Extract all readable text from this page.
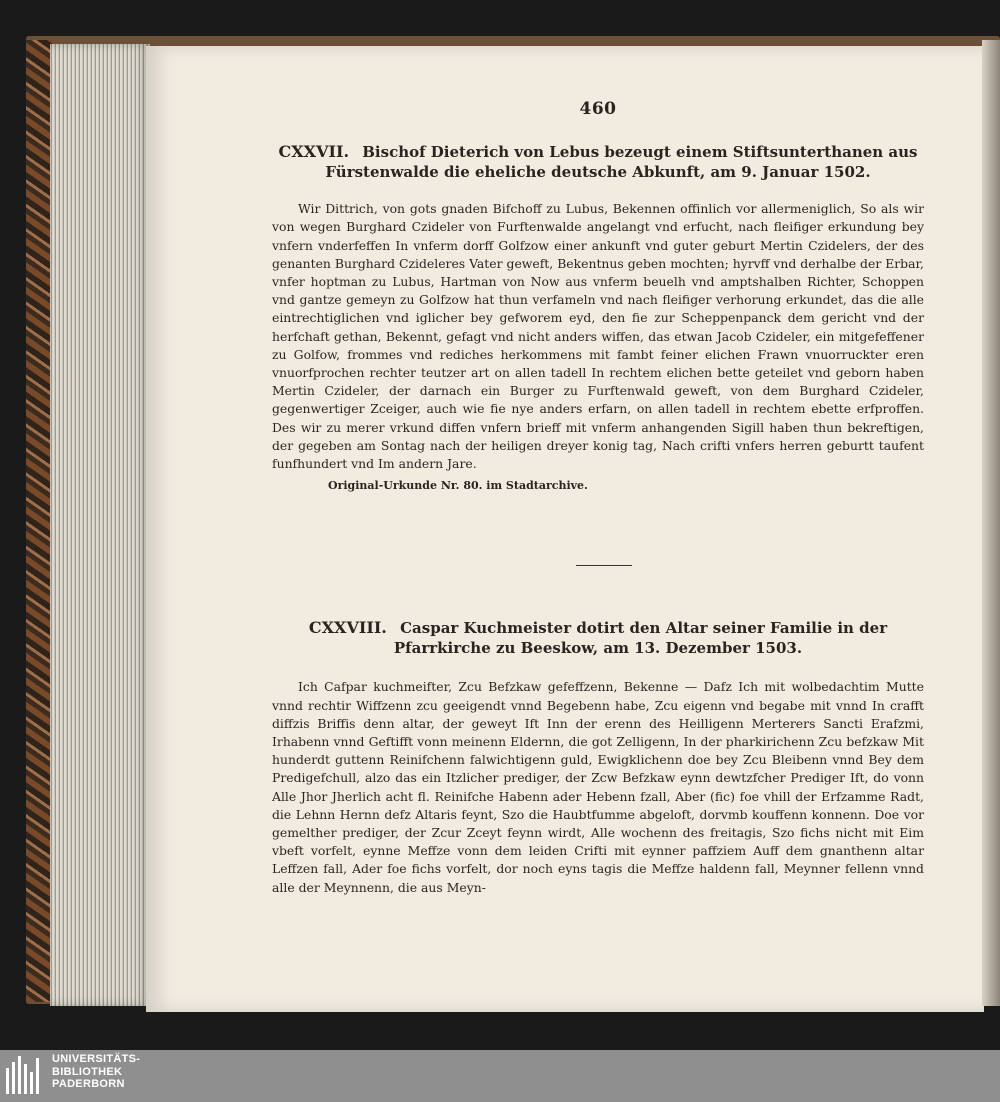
460
CXXVII. Bischof Dieterich von Lebus bezeugt einem Stiftsunterthanen aus Fürstenwalde die eheliche deutsche Abkunft, am 9. Januar 1502.

Wir Dittrich, von gots gnaden Bifchoff zu Lubus, Bekennen offinlich vor allermeniglich, So als wir von wegen Burghard Czideler von Furftenwalde angelangt vnd erfucht, nach fleifiger erkundung bey vnfern vnderfeffen In vnferm dorff Golfzow einer ankunft vnd guter geburt Mertin Czidelers, der des genanten Burghard Czideleres Vater geweft, Bekentnus geben mochten; hyrvff vnd derhalbe der Erbar, vnfer hoptman zu Lubus, Hartman von Now aus vnferm beuelh vnd amptshalben Richter, Schoppen vnd gantze gemeyn zu Golfzow hat thun verfameln vnd nach fleifiger verhorung erkundet, das die alle eintrechtiglichen vnd iglicher bey gefworem eyd, den fie zur Scheppenpanck dem gericht vnd der herfchaft gethan, Bekennt, gefagt vnd nicht anders wiffen, das etwan Jacob Czideler, ein mitgefeffener zu Golfow, frommes vnd rediches herkommens mit fambt feiner elichen Frawn vnuorruckter eren vnuorfprochen rechter teutzer art on allen tadell In rechtem elichen bette geteilet vnd geborn haben Mertin Czideler, der darnach ein Burger zu Furftenwald geweft, von dem Burghard Czideler, gegenwertiger Zceiger, auch wie fie nye anders erfarn, on allen tadell in rechtem ebette erfproffen. Des wir zu merer vrkund diffen vnfern brieff mit vnferm anhangenden Sigill haben thun bekreftigen, der gegeben am Sontag nach der heiligen dreyer konig tag, Nach crifti vnfers herren geburtt taufent funfhundert vnd Im andern Jare.

Original-Urkunde Nr. 80. im Stadtarchive.
CXXVIII. Caspar Kuchmeister dotirt den Altar seiner Familie in der Pfarrkirche zu Beeskow, am 13. Dezember 1503.

Ich Cafpar kuchmeifter, Zcu Befzkaw gefeffzenn, Bekenne — Dafz Ich mit wolbedachtim Mutte vnnd rechtir Wiffzenn zcu geeigendt vnnd Begebenn habe, Zcu eigenn vnd begabe mit vnnd In crafft diffzis Briffis denn altar, der geweyt Ift Inn der erenn des Heilligenn Merterers Sancti Erafzmi, Irhabenn vnnd Geftifft vonn meinenn Eldernn, die got Zelligenn, In der pharkirichenn Zcu befzkaw Mit hunderdt guttenn Reinifchenn falwichtigenn guld, Ewigklichenn doe bey Zcu Bleibenn vnnd Bey dem Predigefchull, alzo das ein Itzlicher prediger, der Zcw Befzkaw eynn dewtzfcher Prediger Ift, do vonn Alle Jhor Jherlich acht fl. Reinifche Habenn ader Hebenn fzall, Aber (fic) foe vhill der Erfzamme Radt, die Lehnn Hernn defz Altaris feynt, Szo die Haubtfumme abgeloft, dorvmb kouffenn konnenn. Doe vor gemelther prediger, der Zcur Zceyt feynn wirdt, Alle wochenn des freitagis, Szo fichs nicht mit Eim vbeft vorfelt, eynne Meffze vonn dem leiden Crifti mit eynner paffziem Auff dem gnanthenn altar Leffzen fall, Ader foe fichs vorfelt, dor noch eyns tagis die Meffze haldenn fall, Meynner fellenn vnnd alle der Meynnenn, die aus Meyn-

UNIVERSITÄTS-
BIBLIOTHEK
PADERBORN
